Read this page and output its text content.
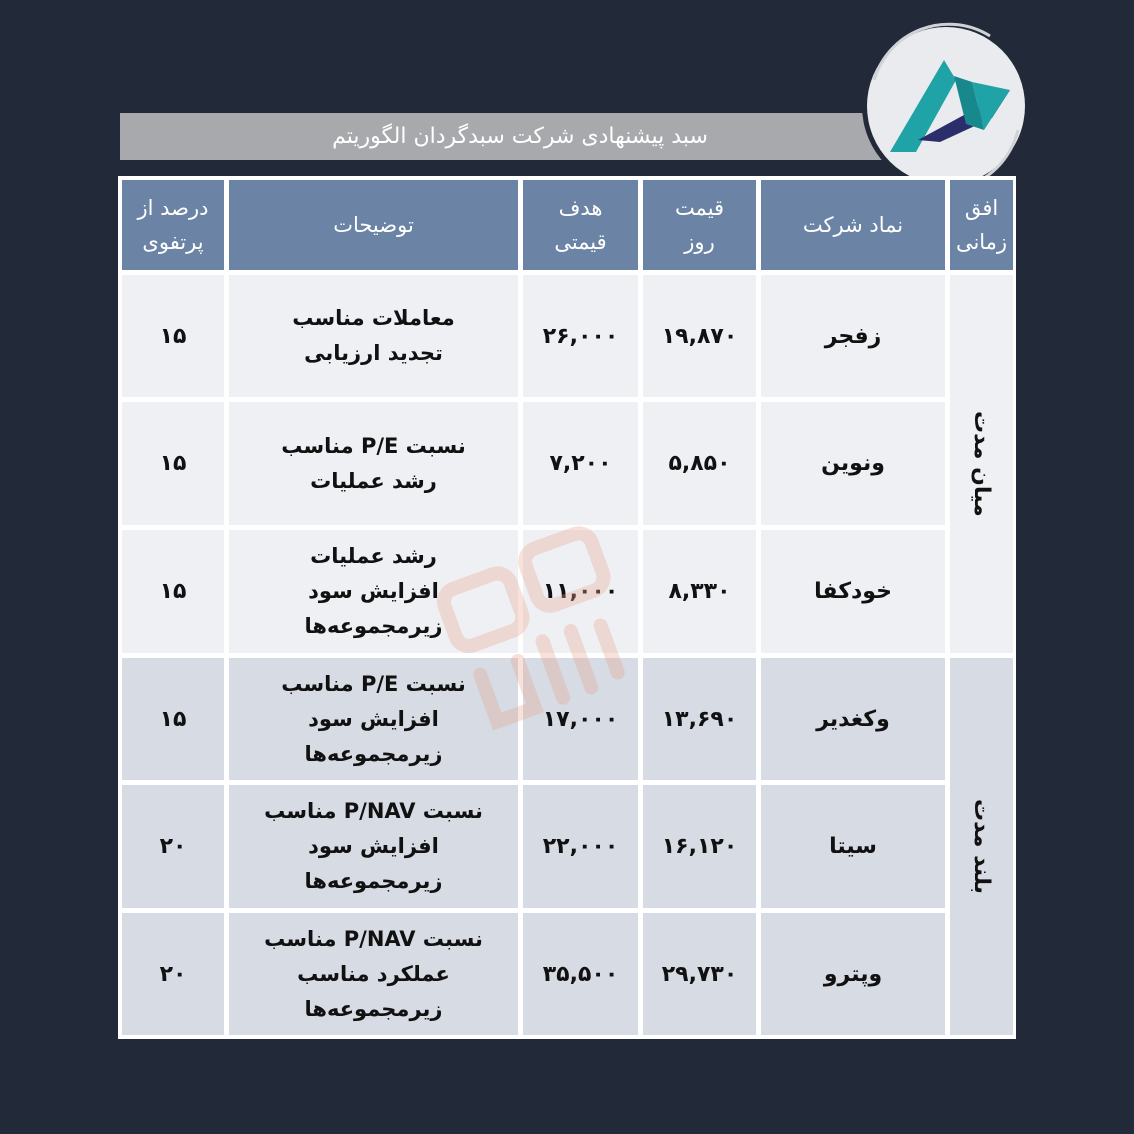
سبد پیشنهادی شرکت سبدگردان الگوریتم
افق
زمانی
نماد شرکت
قیمت
روز
هدف
قیمتی
توضیحات
درصد از
پرتفوی
میان مدت
بلند مدت
زفجر
۱۹,۸۷۰
۲۶,۰۰۰
معاملات مناسب
تجدید ارزیابی
۱۵
ونوین
۵,۸۵۰
۷,۲۰۰
نسبت P/E مناسب
رشد عملیات
۱۵
خودکفا
۸,۳۳۰
۱۱,۰۰۰
رشد عملیات
افزایش سود
زیرمجموعه‌ها
۱۵
وکغدیر
۱۳,۶۹۰
۱۷,۰۰۰
نسبت P/E مناسب
افزایش سود
زیرمجموعه‌ها
۱۵
سیتا
۱۶,۱۲۰
۲۲,۰۰۰
نسبت P/NAV مناسب
افزایش سود
زیرمجموعه‌ها
۲۰
وپترو
۲۹,۷۳۰
۳۵,۵۰۰
نسبت P/NAV مناسب
عملکرد مناسب
زیرمجموعه‌ها
۲۰
